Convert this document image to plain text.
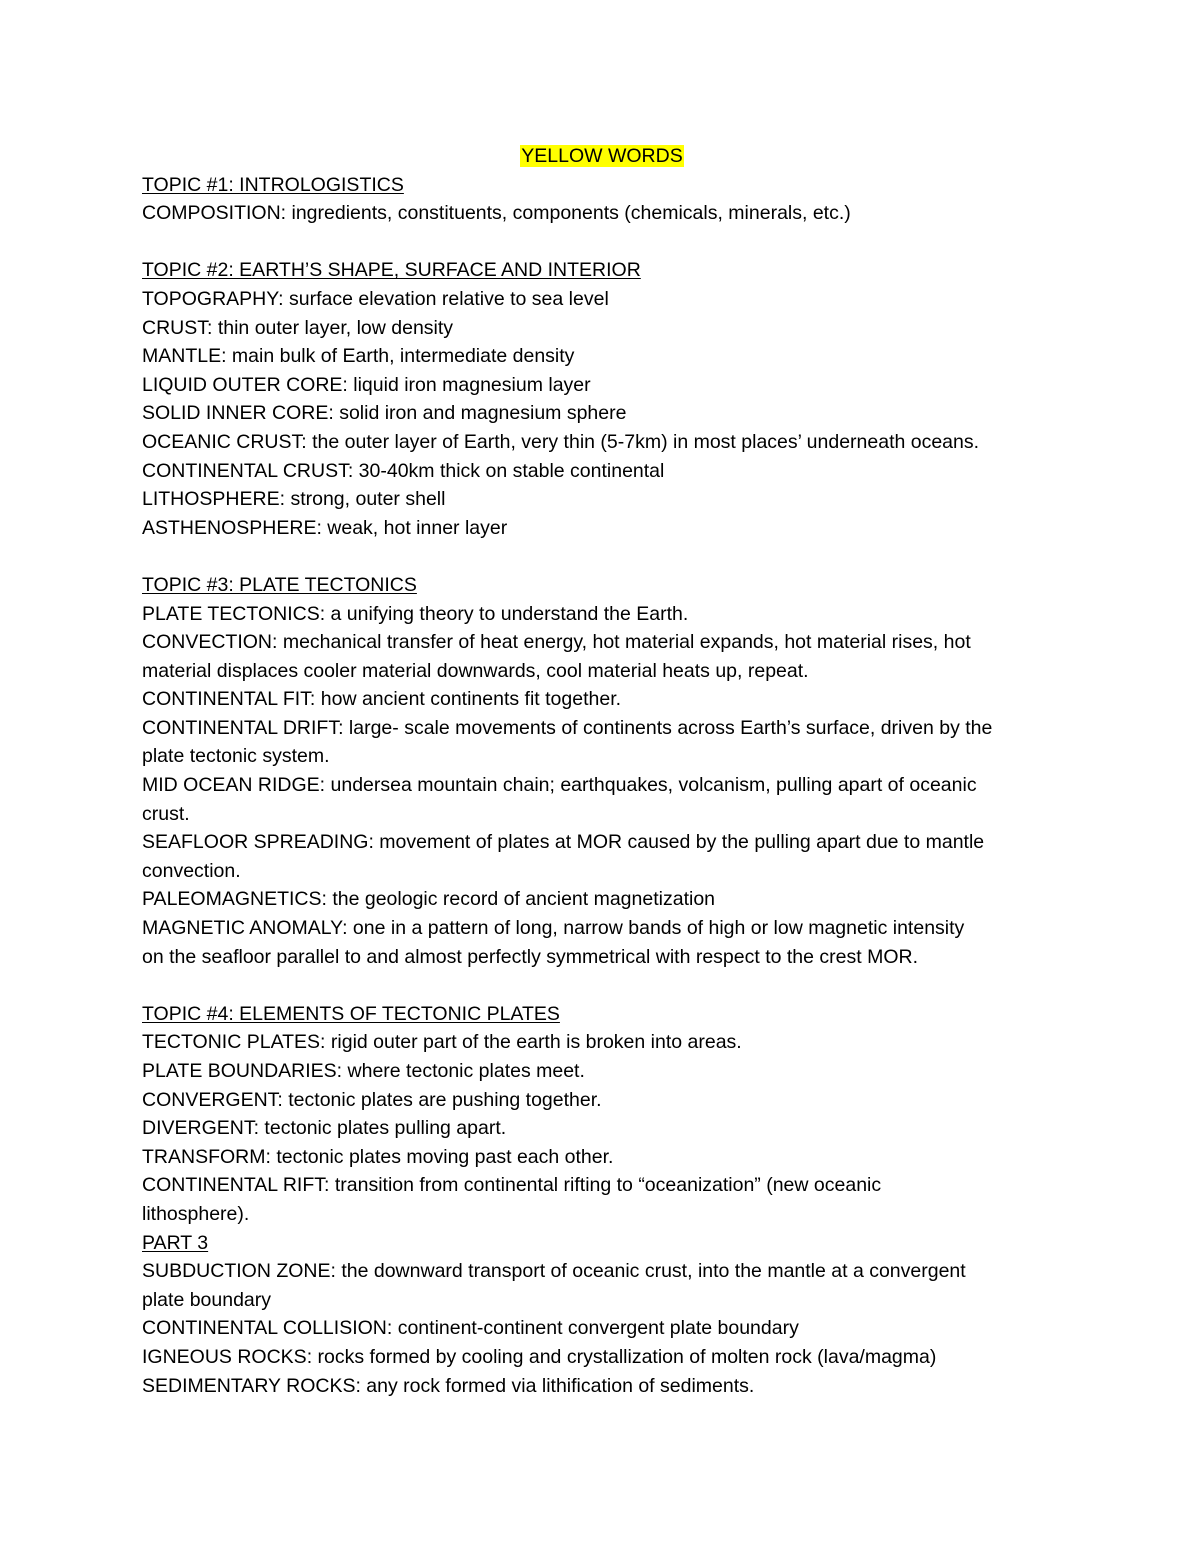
YELLOW WORDS

TOPIC #1: INTROLOGISTICS

COMPOSITION: ingredients, constituents, components (chemicals, minerals, etc.)

TOPIC #2: EARTH’S SHAPE, SURFACE AND INTERIOR

TOPOGRAPHY: surface elevation relative to sea level

CRUST: thin outer layer, low density

MANTLE: main bulk of Earth, intermediate density

LIQUID OUTER CORE: liquid iron magnesium layer

SOLID INNER CORE: solid iron and magnesium sphere

OCEANIC CRUST: the outer layer of Earth, very thin (5-7km) in most places’ underneath oceans.

CONTINENTAL CRUST: 30-40km thick on stable continental

LITHOSPHERE: strong, outer shell

ASTHENOSPHERE: weak, hot inner layer

TOPIC #3: PLATE TECTONICS

PLATE TECTONICS: a unifying theory to understand the Earth.

CONVECTION: mechanical transfer of heat energy, hot material expands, hot material rises, hot

material displaces cooler material downwards, cool material heats up, repeat.

CONTINENTAL FIT: how ancient continents fit together.

CONTINENTAL DRIFT: large- scale movements of continents across Earth’s surface, driven by the

plate tectonic system.

MID OCEAN RIDGE: undersea mountain chain; earthquakes, volcanism, pulling apart of oceanic

crust.

SEAFLOOR SPREADING: movement of plates at MOR caused by the pulling apart due to mantle

convection.

PALEOMAGNETICS: the geologic record of ancient magnetization

MAGNETIC ANOMALY: one in a pattern of long, narrow bands of high or low magnetic intensity

on the seafloor parallel to and almost perfectly symmetrical with respect to the crest MOR.

TOPIC #4: ELEMENTS OF TECTONIC PLATES

TECTONIC PLATES: rigid outer part of the earth is broken into areas.

PLATE BOUNDARIES: where tectonic plates meet.

CONVERGENT: tectonic plates are pushing together.

DIVERGENT: tectonic plates pulling apart.

TRANSFORM: tectonic plates moving past each other.

CONTINENTAL RIFT: transition from continental rifting to “oceanization” (new oceanic

lithosphere).

PART 3

SUBDUCTION ZONE: the downward transport of oceanic crust, into the mantle at a convergent

plate boundary

CONTINENTAL COLLISION: continent-continent convergent plate boundary

IGNEOUS ROCKS: rocks formed by cooling and crystallization of molten rock (lava/magma)

SEDIMENTARY ROCKS: any rock formed via lithification of sediments.
